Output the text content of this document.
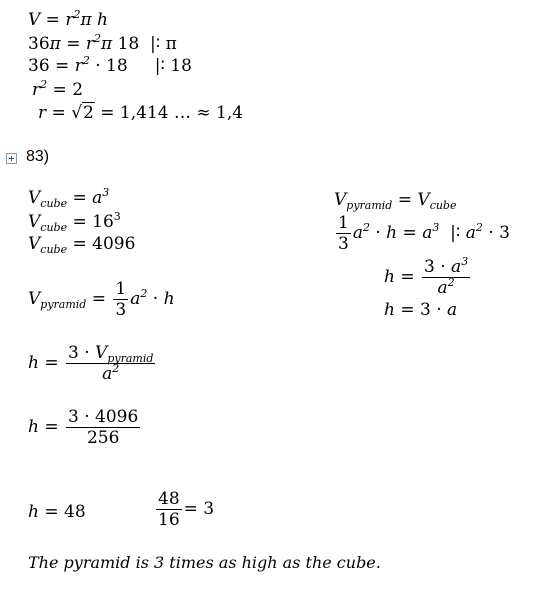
$V = r^2\pi$ h
$36\pi = r^2\pi$ 18 |∶ π
$36 = r^2 \cdot 18$ |∶ 18
$r^2 = 2$
r = √2 = 1,414 … ≈ 1,4
83)
$V_{cube} = a^3$
$V_{cube} = 16^3$
$V_{cube} = 4096$
$V_{pyramid} = \frac{1}{3} a^2 \cdot h$
$h = \frac{3 \cdot V_{pyramid}}{a^2}$
$h = \frac{3 \cdot 4096}{256}$
h = 48	$\frac{48}{16} = 3$
$V_{pyramid} = V_{cube}$
$\frac{1}{3} a^2 \cdot h = a^3$  |∶ $a^2 \cdot 3$
$h = \frac{3 \cdot a^3}{a^2}$
h = 3 · a
The pyramid is 3 times as high as the cube.
